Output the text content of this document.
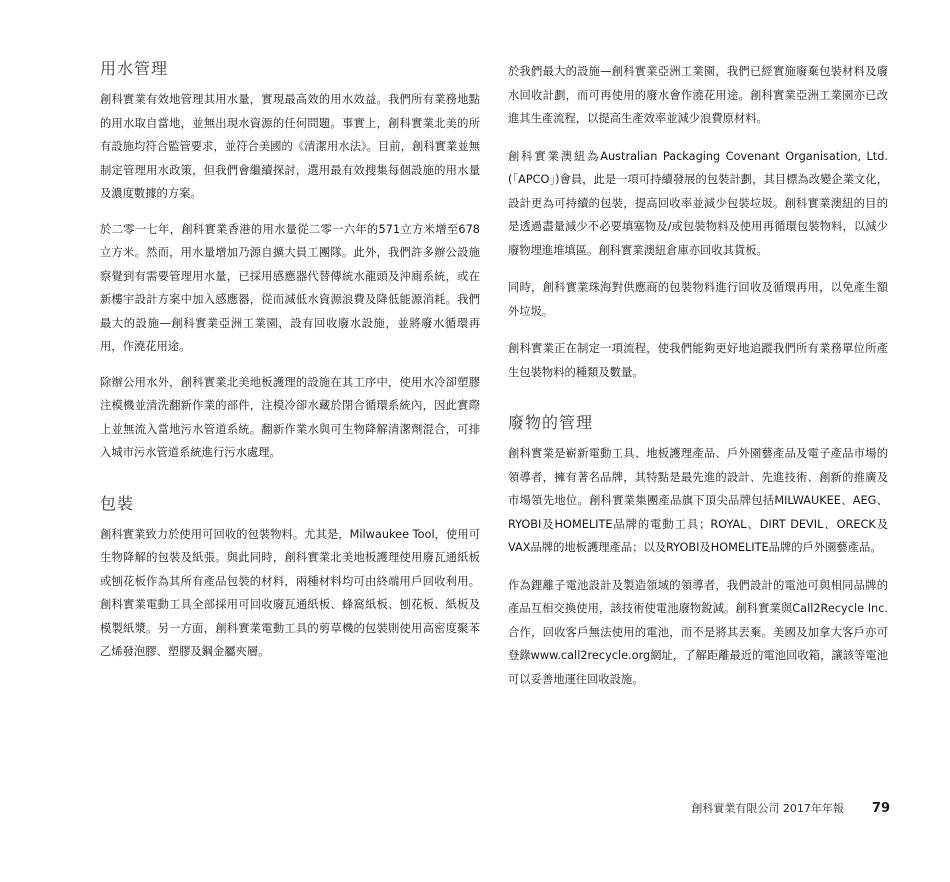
用水管理

創科實業有效地管理其用水量，實現最高效的用水效益。我們所有業務地點的用水取自當地，並無出現水資源的任何問題。事實上，創科實業北美的所有設施均符合監管要求，並符合美國的《清潔用水法》。目前，創科實業並無制定管理用水政策，但我們會繼續探討，選用最有效搜集每個設施的用水量及濃度數據的方案。

於二零一七年，創科實業香港的用水量從二零一六年的571立方米增至678立方米。然而，用水量增加乃源自擴大員工團隊。此外，我們許多辦公設施察覺到有需要管理用水量，已採用感應器代替傳統水龍頭及沖廁系統，或在新樓宇設計方案中加入感應器，從而減低水資源浪費及降低能源消耗。我們最大的設施—創科實業亞洲工業園，設有回收廢水設施，並將廢水循環再用，作澆花用途。

除辦公用水外，創科實業北美地板護理的設施在其工序中，使用水冷卻塑膠注模機並清洗翻新作業的部件，注模冷卻水藏於閉合循環系統內，因此實際上並無流入當地污水管道系統。翻新作業水與可生物降解清潔劑混合，可排入城市污水管道系統進行污水處理。

包裝

創科實業致力於使用可回收的包裝物料。尤其是，Milwaukee Tool，使用可生物降解的包裝及紙張。與此同時，創科實業北美地板護理使用廢瓦通紙板或刨花板作為其所有產品包裝的材料，兩種材料均可由終端用戶回收利用。創科實業電動工具全部採用可回收廢瓦通紙板、蜂窩紙板、刨花板、紙板及模製紙漿。另一方面，創科實業電動工具的剪草機的包裝則使用高密度聚苯乙烯發泡膠、塑膠及鋼金屬夾層。

於我們最大的設施—創科實業亞洲工業園，我們已經實施廢棄包裝材料及廢水回收計劃，而可再使用的廢水會作澆花用途。創科實業亞洲工業園亦已改進其生產流程，以提高生產效率並減少浪費原材料。

創科實業澳紐為Australian Packaging Covenant Organisation, Ltd.(「APCO」)會員，此是一項可持續發展的包裝計劃，其目標為改變企業文化，設計更為可持續的包裝，提高回收率並減少包裝垃圾。創科實業澳紐的目的是透過盡量減少不必要填塞物及/或包裝物料及使用再循環包裝物料，以減少廢物埋進堆填區。創科實業澳紐倉庫亦回收其貨板。

同時，創科實業珠海對供應商的包裝物料進行回收及循環再用，以免產生額外垃圾。

創科實業正在制定一項流程，使我們能夠更好地追蹤我們所有業務單位所產生包裝物料的種類及數量。

廢物的管理

創科實業是嶄新電動工具、地板護理產品、戶外園藝產品及電子產品市場的領導者，擁有著名品牌，其特點是最先進的設計、先進技術、創新的推廣及市場領先地位。創科實業集團產品旗下頂尖品牌包括MILWAUKEE、AEG、RYOBI及HOMELITE品牌的電動工具；ROYAL、DIRT DEVIL、ORECK及VAX品牌的地板護理產品；以及RYOBI及HOMELITE品牌的戶外園藝產品。

作為鋰離子電池設計及製造領域的領導者，我們設計的電池可與相同品牌的產品互相交換使用，該技術使電池廢物銳減。創科實業與Call2Recycle Inc.合作，回收客戶無法使用的電池，而不是將其丟棄。美國及加拿大客戶亦可登錄www.call2recycle.org網址，了解距離最近的電池回收箱，讓該等電池可以妥善地運往回收設施。

創科實業有限公司 2017年年報 79
